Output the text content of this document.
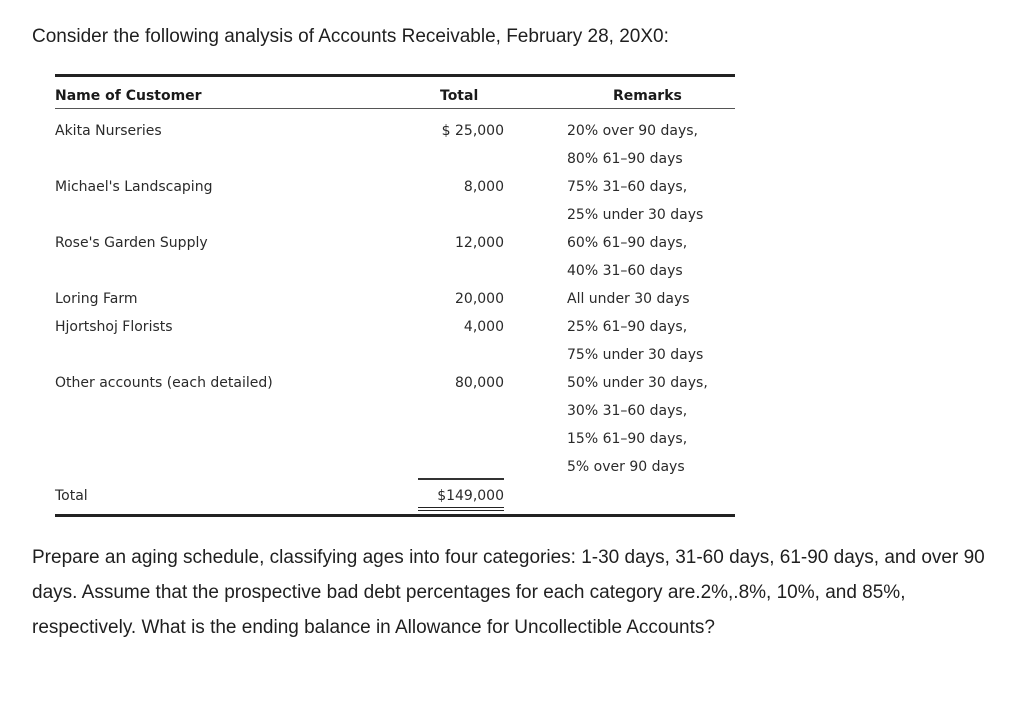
Consider the following analysis of Accounts Receivable, February 28, 20X0:

Name of Customer	Total	Remarks
Akita Nurseries	$ 25,000	20% over 90 days,
80% 61–90 days
Michael's Landscaping	8,000	75% 31–60 days,
25% under 30 days
Rose's Garden Supply	12,000	60% 61–90 days,
40% 31–60 days
Loring Farm	20,000	All under 30 days
Hjortshoj Florists	4,000	25% 61–90 days,
75% under 30 days
Other accounts (each detailed)	80,000	50% under 30 days,
30% 31–60 days,
15% 61–90 days,
5% over 90 days
Total	$149,000

Prepare an aging schedule, classifying ages into four categories: 1-30 days, 31-60 days, 61-90 days, and over 90 days. Assume that the prospective bad debt percentages for each category are.2%,.8%, 10%, and 85%, respectively. What is the ending balance in Allowance for Uncollectible Accounts?
